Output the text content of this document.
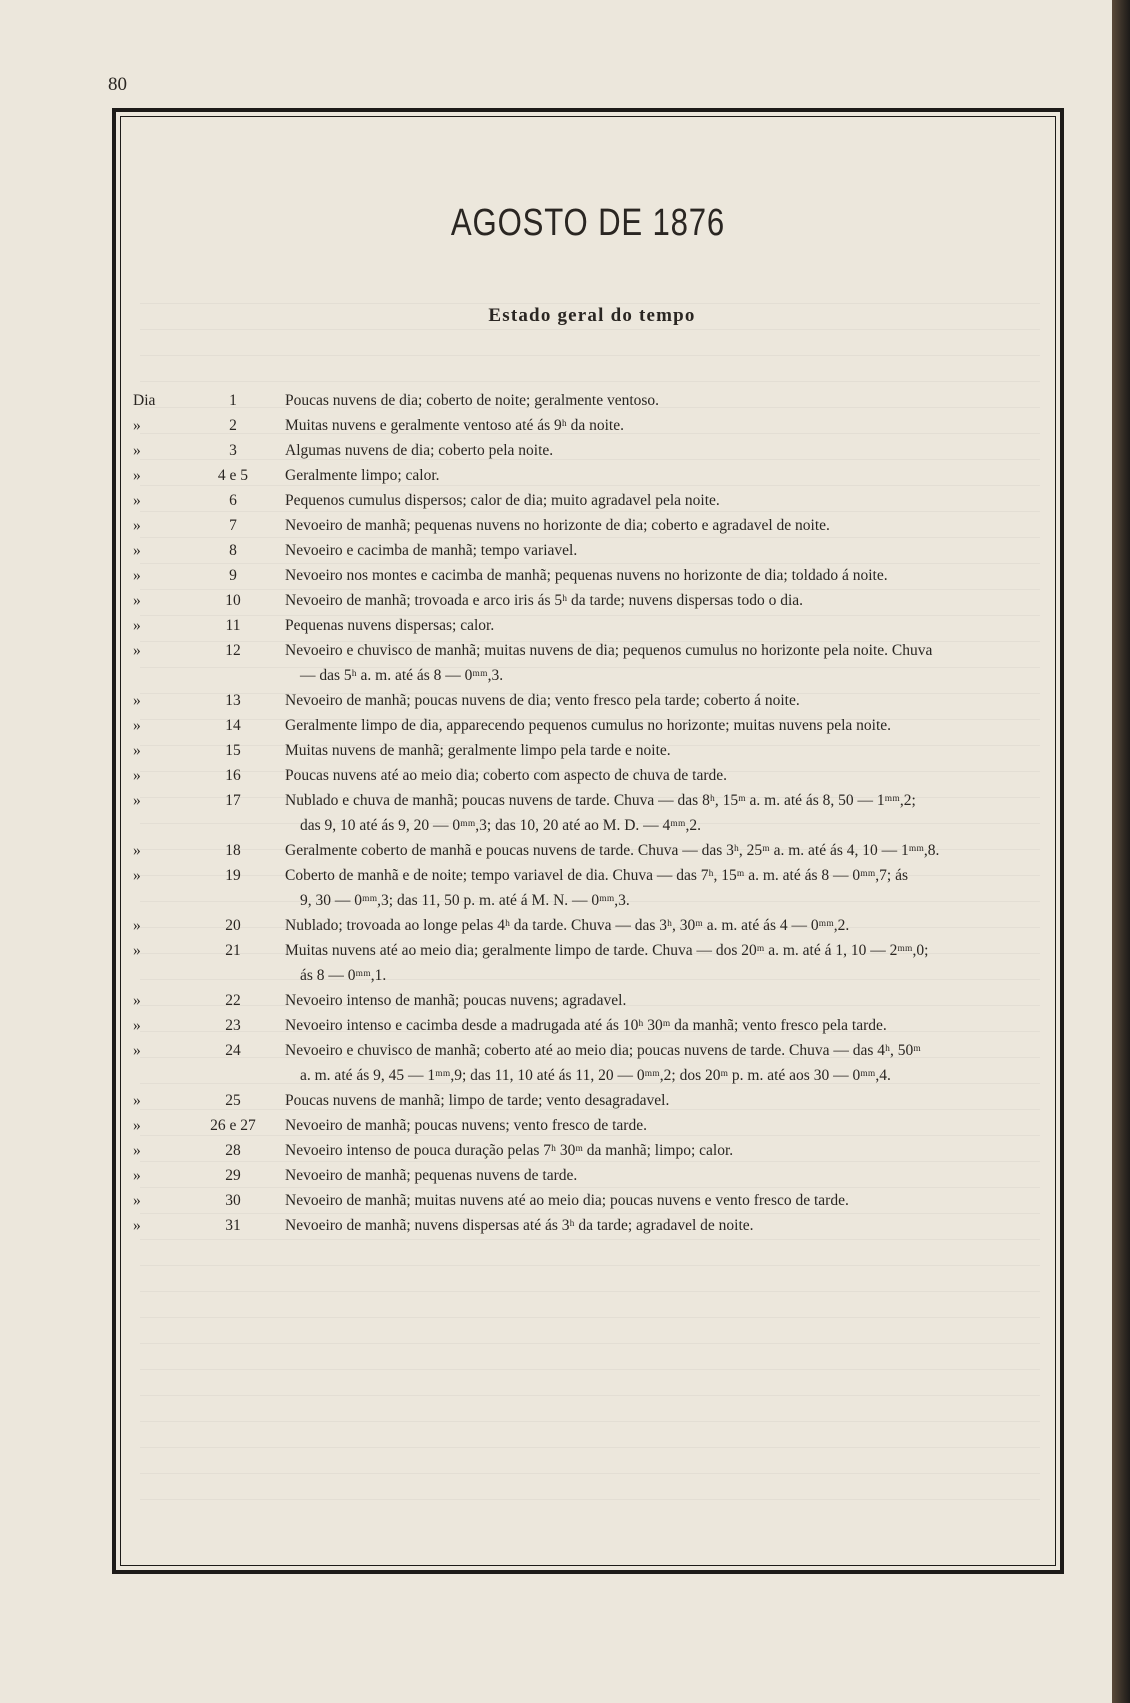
80
AGOSTO DE 1876
Estado geral do tempo
Dia	1	Poucas nuvens de dia; coberto de noite; geralmente ventoso.
»	2	Muitas nuvens e geralmente ventoso até ás 9ʰ da noite.
»	3	Algumas nuvens de dia; coberto pela noite.
»	4 e 5	Geralmente limpo; calor.
»	6	Pequenos cumulus dispersos; calor de dia; muito agradavel pela noite.
»	7	Nevoeiro de manhã; pequenas nuvens no horizonte de dia; coberto e agradavel de noite.
»	8	Nevoeiro e cacimba de manhã; tempo variavel.
»	9	Nevoeiro nos montes e cacimba de manhã; pequenas nuvens no horizonte de dia; toldado á noite.
»	10	Nevoeiro de manhã; trovoada e arco iris ás 5ʰ da tarde; nuvens dispersas todo o dia.
»	11	Pequenas nuvens dispersas; calor.
»	12	Nevoeiro e chuvisco de manhã; muitas nuvens de dia; pequenos cumulus no horizonte pela noite. Chuva
— das 5ʰ a. m. até ás 8 — 0ᵐᵐ,3.
»	13	Nevoeiro de manhã; poucas nuvens de dia; vento fresco pela tarde; coberto á noite.
»	14	Geralmente limpo de dia, apparecendo pequenos cumulus no horizonte; muitas nuvens pela noite.
»	15	Muitas nuvens de manhã; geralmente limpo pela tarde e noite.
»	16	Poucas nuvens até ao meio dia; coberto com aspecto de chuva de tarde.
»	17	Nublado e chuva de manhã; poucas nuvens de tarde. Chuva — das 8ʰ, 15ᵐ a. m. até ás 8, 50 — 1ᵐᵐ,2;
das 9, 10 até ás 9, 20 — 0ᵐᵐ,3; das 10, 20 até ao M. D. — 4ᵐᵐ,2.
»	18	Geralmente coberto de manhã e poucas nuvens de tarde. Chuva — das 3ʰ, 25ᵐ a. m. até ás 4, 10 — 1ᵐᵐ,8.
»	19	Coberto de manhã e de noite; tempo variavel de dia. Chuva — das 7ʰ, 15ᵐ a. m. até ás 8 — 0ᵐᵐ,7; ás
9, 30 — 0ᵐᵐ,3; das 11, 50 p. m. até á M. N. — 0ᵐᵐ,3.
»	20	Nublado; trovoada ao longe pelas 4ʰ da tarde. Chuva — das 3ʰ, 30ᵐ a. m. até ás 4 — 0ᵐᵐ,2.
»	21	Muitas nuvens até ao meio dia; geralmente limpo de tarde. Chuva — dos 20ᵐ a. m. até á 1, 10 — 2ᵐᵐ,0;
ás 8 — 0ᵐᵐ,1.
»	22	Nevoeiro intenso de manhã; poucas nuvens; agradavel.
»	23	Nevoeiro intenso e cacimba desde a madrugada até ás 10ʰ 30ᵐ da manhã; vento fresco pela tarde.
»	24	Nevoeiro e chuvisco de manhã; coberto até ao meio dia; poucas nuvens de tarde. Chuva — das 4ʰ, 50ᵐ
a. m. até ás 9, 45 — 1ᵐᵐ,9; das 11, 10 até ás 11, 20 — 0ᵐᵐ,2; dos 20ᵐ p. m. até aos 30 — 0ᵐᵐ,4.
»	25	Poucas nuvens de manhã; limpo de tarde; vento desagradavel.
»	26 e 27	Nevoeiro de manhã; poucas nuvens; vento fresco de tarde.
»	28	Nevoeiro intenso de pouca duração pelas 7ʰ 30ᵐ da manhã; limpo; calor.
»	29	Nevoeiro de manhã; pequenas nuvens de tarde.
»	30	Nevoeiro de manhã; muitas nuvens até ao meio dia; poucas nuvens e vento fresco de tarde.
»	31	Nevoeiro de manhã; nuvens dispersas até ás 3ʰ da tarde; agradavel de noite.
